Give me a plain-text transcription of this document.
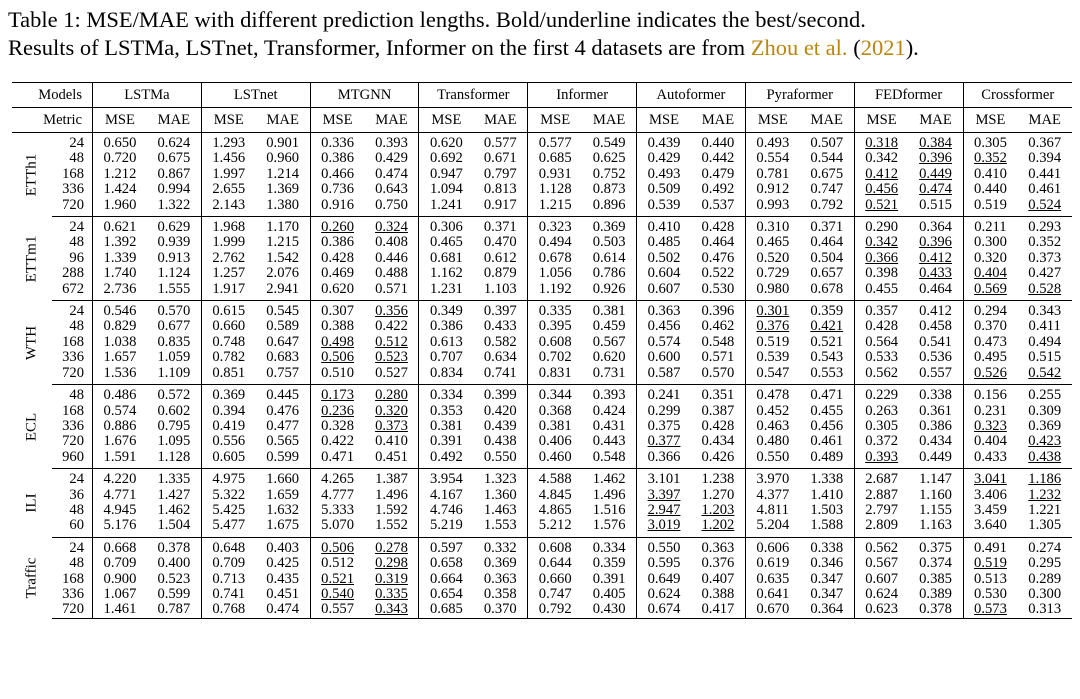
Table 1: MSE/MAE with different prediction lengths. Bold/underline indicates the best/second.
Results of LSTMa, LSTnet, Transformer, Informer on the first 4 datasets are from Zhou et al. (2021).
Models		LSTMa		LSTnet		MTGNN		Transformer		Informer		Autoformer		Pyraformer		FEDformer		Crossformer	
Metric		MSE	MAE	MSE	MAE	MSE	MAE	MSE	MAE	MSE	MAE	MSE	MAE	MSE	MAE	MSE	MAE	MSE	MAE

ETTh1	24	0.650	0.624	1.293	0.901	0.336	0.393	0.620	0.577	0.577	0.549	0.439	0.440	0.493	0.507	0.318	0.384	0.305	0.367
	48	0.720	0.675	1.456	0.960	0.386	0.429	0.692	0.671	0.685	0.625	0.429	0.442	0.554	0.544	0.342	0.396	0.352	0.394
	168	1.212	0.867	1.997	1.214	0.466	0.474	0.947	0.797	0.931	0.752	0.493	0.479	0.781	0.675	0.412	0.449	0.410	0.441
	336	1.424	0.994	2.655	1.369	0.736	0.643	1.094	0.813	1.128	0.873	0.509	0.492	0.912	0.747	0.456	0.474	0.440	0.461
	720	1.960	1.322	2.143	1.380	0.916	0.750	1.241	0.917	1.215	0.896	0.539	0.537	0.993	0.792	0.521	0.515	0.519	0.524

ETTm1	24	0.621	0.629	1.968	1.170	0.260	0.324	0.306	0.371	0.323	0.369	0.410	0.428	0.310	0.371	0.290	0.364	0.211	0.293
	48	1.392	0.939	1.999	1.215	0.386	0.408	0.465	0.470	0.494	0.503	0.485	0.464	0.465	0.464	0.342	0.396	0.300	0.352
	96	1.339	0.913	2.762	1.542	0.428	0.446	0.681	0.612	0.678	0.614	0.502	0.476	0.520	0.504	0.366	0.412	0.320	0.373
	288	1.740	1.124	1.257	2.076	0.469	0.488	1.162	0.879	1.056	0.786	0.604	0.522	0.729	0.657	0.398	0.433	0.404	0.427
	672	2.736	1.555	1.917	2.941	0.620	0.571	1.231	1.103	1.192	0.926	0.607	0.530	0.980	0.678	0.455	0.464	0.569	0.528

WTH	24	0.546	0.570	0.615	0.545	0.307	0.356	0.349	0.397	0.335	0.381	0.363	0.396	0.301	0.359	0.357	0.412	0.294	0.343
	48	0.829	0.677	0.660	0.589	0.388	0.422	0.386	0.433	0.395	0.459	0.456	0.462	0.376	0.421	0.428	0.458	0.370	0.411
	168	1.038	0.835	0.748	0.647	0.498	0.512	0.613	0.582	0.608	0.567	0.574	0.548	0.519	0.521	0.564	0.541	0.473	0.494
	336	1.657	1.059	0.782	0.683	0.506	0.523	0.707	0.634	0.702	0.620	0.600	0.571	0.539	0.543	0.533	0.536	0.495	0.515
	720	1.536	1.109	0.851	0.757	0.510	0.527	0.834	0.741	0.831	0.731	0.587	0.570	0.547	0.553	0.562	0.557	0.526	0.542

ECL	48	0.486	0.572	0.369	0.445	0.173	0.280	0.334	0.399	0.344	0.393	0.241	0.351	0.478	0.471	0.229	0.338	0.156	0.255
	168	0.574	0.602	0.394	0.476	0.236	0.320	0.353	0.420	0.368	0.424	0.299	0.387	0.452	0.455	0.263	0.361	0.231	0.309
	336	0.886	0.795	0.419	0.477	0.328	0.373	0.381	0.439	0.381	0.431	0.375	0.428	0.463	0.456	0.305	0.386	0.323	0.369
	720	1.676	1.095	0.556	0.565	0.422	0.410	0.391	0.438	0.406	0.443	0.377	0.434	0.480	0.461	0.372	0.434	0.404	0.423
	960	1.591	1.128	0.605	0.599	0.471	0.451	0.492	0.550	0.460	0.548	0.366	0.426	0.550	0.489	0.393	0.449	0.433	0.438

ILI	24	4.220	1.335	4.975	1.660	4.265	1.387	3.954	1.323	4.588	1.462	3.101	1.238	3.970	1.338	2.687	1.147	3.041	1.186
	36	4.771	1.427	5.322	1.659	4.777	1.496	4.167	1.360	4.845	1.496	3.397	1.270	4.377	1.410	2.887	1.160	3.406	1.232
	48	4.945	1.462	5.425	1.632	5.333	1.592	4.746	1.463	4.865	1.516	2.947	1.203	4.811	1.503	2.797	1.155	3.459	1.221
	60	5.176	1.504	5.477	1.675	5.070	1.552	5.219	1.553	5.212	1.576	3.019	1.202	5.204	1.588	2.809	1.163	3.640	1.305

Traffic	24	0.668	0.378	0.648	0.403	0.506	0.278	0.597	0.332	0.608	0.334	0.550	0.363	0.606	0.338	0.562	0.375	0.491	0.274
	48	0.709	0.400	0.709	0.425	0.512	0.298	0.658	0.369	0.644	0.359	0.595	0.376	0.619	0.346	0.567	0.374	0.519	0.295
	168	0.900	0.523	0.713	0.435	0.521	0.319	0.664	0.363	0.660	0.391	0.649	0.407	0.635	0.347	0.607	0.385	0.513	0.289
	336	1.067	0.599	0.741	0.451	0.540	0.335	0.654	0.358	0.747	0.405	0.624	0.388	0.641	0.347	0.624	0.389	0.530	0.300
	720	1.461	0.787	0.768	0.474	0.557	0.343	0.685	0.370	0.792	0.430	0.674	0.417	0.670	0.364	0.623	0.378	0.573	0.313
